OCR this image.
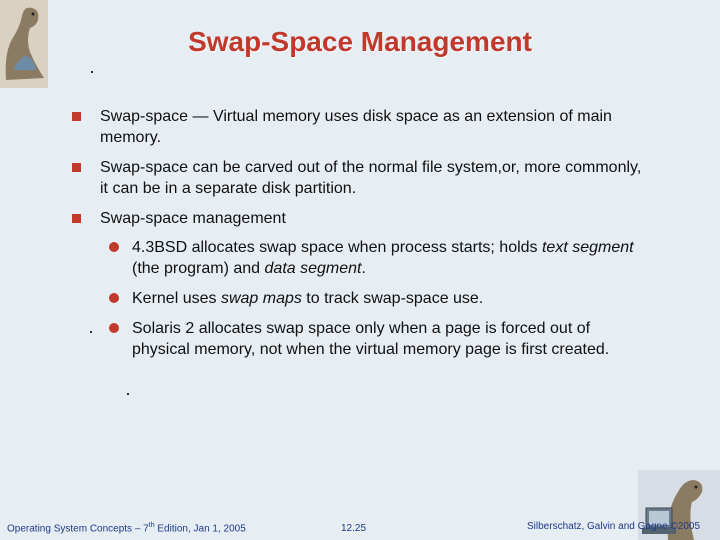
Swap-Space Management
Swap-space — Virtual memory uses disk space as an extension of main memory.
Swap-space can be carved out of the normal file system,or, more commonly, it can be in a separate disk partition.
Swap-space management
4.3BSD allocates swap space when process starts; holds text segment (the program) and data segment.
Kernel uses swap maps to track swap-space use.
Solaris 2 allocates swap space only when a page is forced out of physical memory, not when the virtual memory page is first created.
Operating System Concepts – 7th Edition, Jan 1, 2005	12.25	Silberschatz, Galvin and Gagne ©2005
